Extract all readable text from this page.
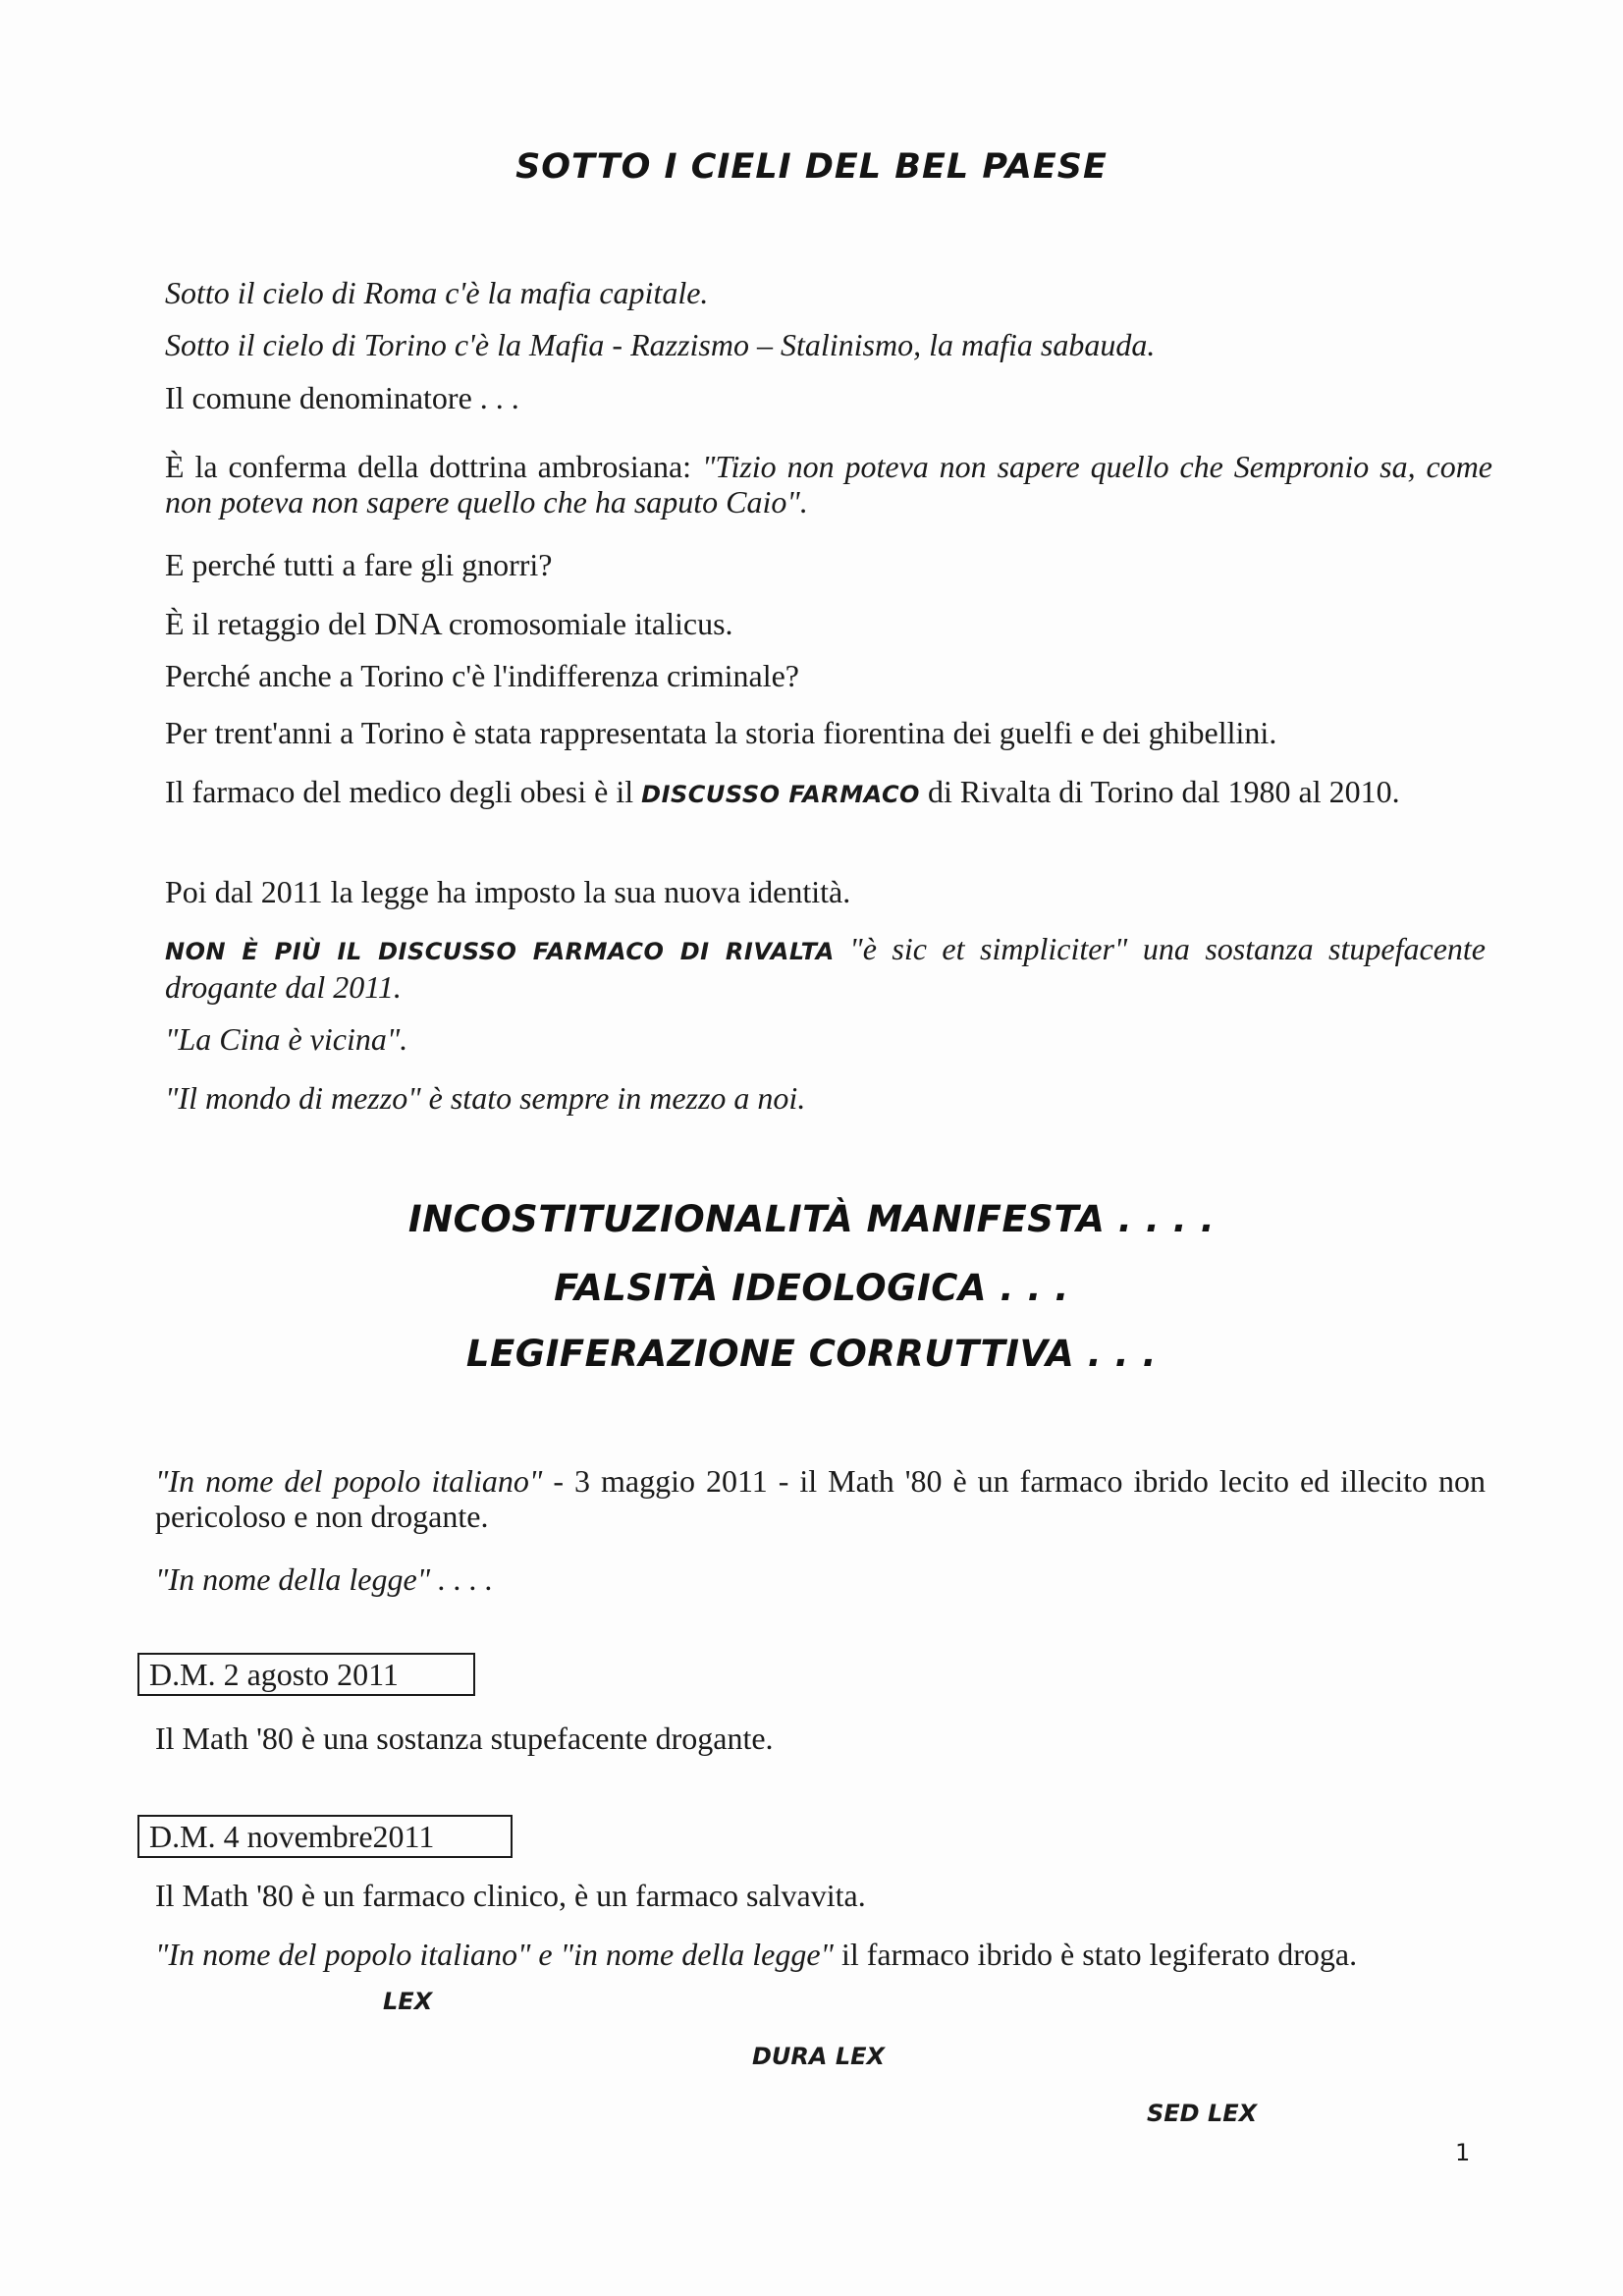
SOTTO I CIELI DEL BEL PAESE
Sotto il cielo di Roma c'è la mafia capitale.
Sotto il cielo di Torino c'è la Mafia - Razzismo – Stalinismo, la mafia sabauda.
Il comune denominatore . . .
È la conferma della dottrina ambrosiana: "Tizio non poteva non sapere quello che Sempronio sa, come non poteva non sapere quello che ha saputo Caio".
E perché tutti a fare gli gnorri?
È il retaggio del DNA cromosomiale italicus.
Perché anche a Torino c'è l'indifferenza criminale?
Per trent'anni a Torino è stata rappresentata la storia fiorentina dei guelfi e dei ghibellini.
Il farmaco del medico degli obesi è il DISCUSSO FARMACO di Rivalta di Torino dal 1980 al 2010.
Poi dal 2011 la legge ha imposto la sua nuova identità.
NON È PIÙ IL DISCUSSO FARMACO DI RIVALTA "è sic et simpliciter" una sostanza stupefacente drogante dal 2011.
"La Cina è vicina".
"Il mondo di mezzo" è stato sempre in mezzo a noi.
INCOSTITUZIONALITÀ MANIFESTA . . . .
FALSITÀ IDEOLOGICA . . .
LEGIFERAZIONE CORRUTTIVA . . .
"In nome del popolo italiano" - 3 maggio 2011 - il Math '80 è un farmaco ibrido lecito ed illecito non pericoloso e non drogante.
"In nome della legge" . . . .
D.M. 2 agosto 2011
Il Math '80 è una sostanza stupefacente drogante.
D.M. 4 novembre2011
Il Math '80 è un farmaco clinico, è un farmaco salvavita.
"In nome del popolo italiano" e "in nome della legge" il farmaco ibrido è stato legiferato droga.
LEX
DURA LEX
SED LEX
1
